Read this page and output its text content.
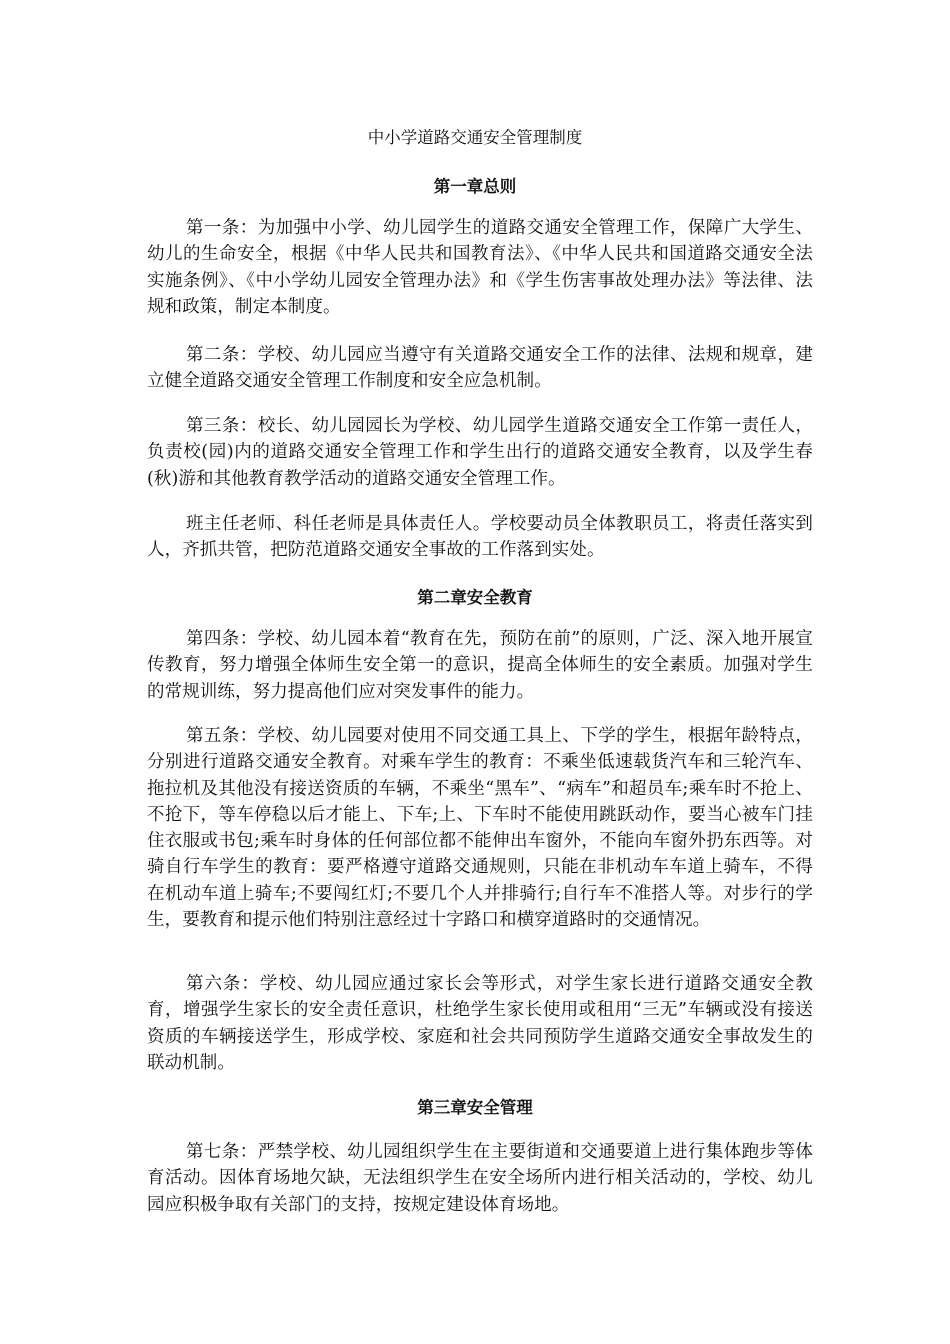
中小学道路交通安全管理制度
第一章总则

第一条：为加强中小学、幼儿园学生的道路交通安全管理工作，保障广大学生、幼儿的生命安全，根据《中华人民共和国教育法》、《中华人民共和国道路交通安全法实施条例》、《中小学幼儿园安全管理办法》和《学生伤害事故处理办法》等法律、法规和政策，制定本制度。

第二条：学校、幼儿园应当遵守有关道路交通安全工作的法律、法规和规章，建立健全道路交通安全管理工作制度和安全应急机制。

第三条：校长、幼儿园园长为学校、幼儿园学生道路交通安全工作第一责任人，负责校(园)内的道路交通安全管理工作和学生出行的道路交通安全教育，以及学生春(秋)游和其他教育教学活动的道路交通安全管理工作。

班主任老师、科任老师是具体责任人。学校要动员全体教职员工，将责任落实到人，齐抓共管，把防范道路交通安全事故的工作落到实处。

第二章安全教育

第四条：学校、幼儿园本着“教育在先，预防在前”的原则，广泛、深入地开展宣传教育，努力增强全体师生安全第一的意识，提高全体师生的安全素质。加强对学生的常规训练，努力提高他们应对突发事件的能力。

第五条：学校、幼儿园要对使用不同交通工具上、下学的学生，根据年龄特点，分别进行道路交通安全教育。对乘车学生的教育：不乘坐低速载货汽车和三轮汽车、拖拉机及其他没有接送资质的车辆，不乘坐“黑车”、“病车”和超员车;乘车时不抢上、不抢下，等车停稳以后才能上、下车;上、下车时不能使用跳跃动作，要当心被车门挂住衣服或书包;乘车时身体的任何部位都不能伸出车窗外，不能向车窗外扔东西等。对骑自行车学生的教育：要严格遵守道路交通规则，只能在非机动车车道上骑车，不得在机动车道上骑车;不要闯红灯;不要几个人并排骑行;自行车不准搭人等。对步行的学生，要教育和提示他们特别注意经过十字路口和横穿道路时的交通情况。

第六条：学校、幼儿园应通过家长会等形式，对学生家长进行道路交通安全教育，增强学生家长的安全责任意识，杜绝学生家长使用或租用“三无”车辆或没有接送资质的车辆接送学生，形成学校、家庭和社会共同预防学生道路交通安全事故发生的联动机制。

第三章安全管理

第七条：严禁学校、幼儿园组织学生在主要街道和交通要道上进行集体跑步等体育活动。因体育场地欠缺，无法组织学生在安全场所内进行相关活动的，学校、幼儿园应积极争取有关部门的支持，按规定建设体育场地。
